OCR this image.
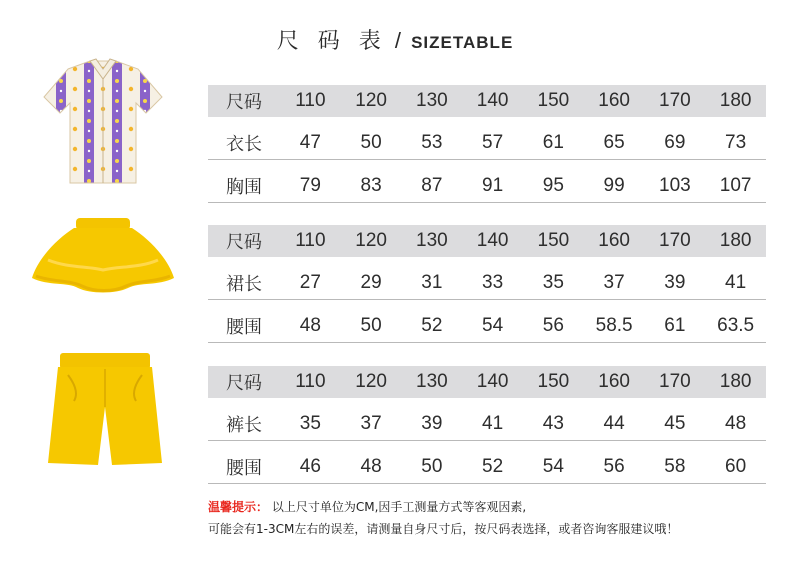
尺 码 表 / SIZETABLE
尺码	110	120	130	140	150	160	170	180
衣长	47	50	53	57	61	65	69	73
胸围	79	83	87	91	95	99	103	107
尺码	110	120	130	140	150	160	170	180
裙长	27	29	31	33	35	37	39	41
腰围	48	50	52	54	56	58.5	61	63.5
尺码	110	120	130	140	150	160	170	180
裤长	35	37	39	41	43	44	45	48
腰围	46	48	50	52	54	56	58	60
温馨提示： 以上尺寸单位为CM,因手工测量方式等客观因素,
可能会有1-3CM左右的误差，请测量自身尺寸后，按尺码表选择，或者咨询客服建议哦！
